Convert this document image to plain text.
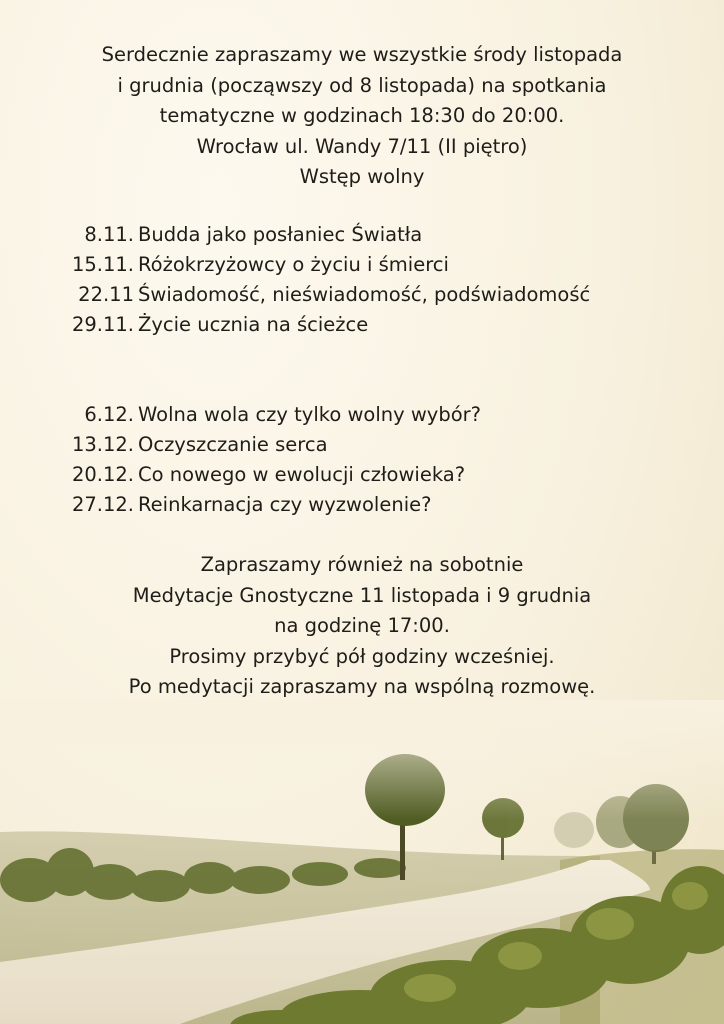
Serdecznie zapraszamy we wszystkie środy listopada
i grudnia (począwszy od 8 listopada) na spotkania
tematyczne w godzinach 18:30 do 20:00.
Wrocław ul. Wandy 7/11 (II piętro)
Wstęp wolny

8.11. Budda jako posłaniec Światła
15.11. Różokrzyżowcy o życiu i śmierci
22.11 Świadomość, nieświadomość, podświadomość
29.11. Życie ucznia na ścieżce
6.12. Wolna wola czy tylko wolny wybór?
13.12. Oczyszczanie serca
20.12. Co nowego w ewolucji człowieka?
27.12. Reinkarnacja czy wyzwolenie?

Zapraszamy również na sobotnie
Medytacje Gnostyczne 11 listopada i 9 grudnia
na godzinę 17:00.
Prosimy przybyć pół godziny wcześniej.
Po medytacji zapraszamy na wspólną rozmowę.
